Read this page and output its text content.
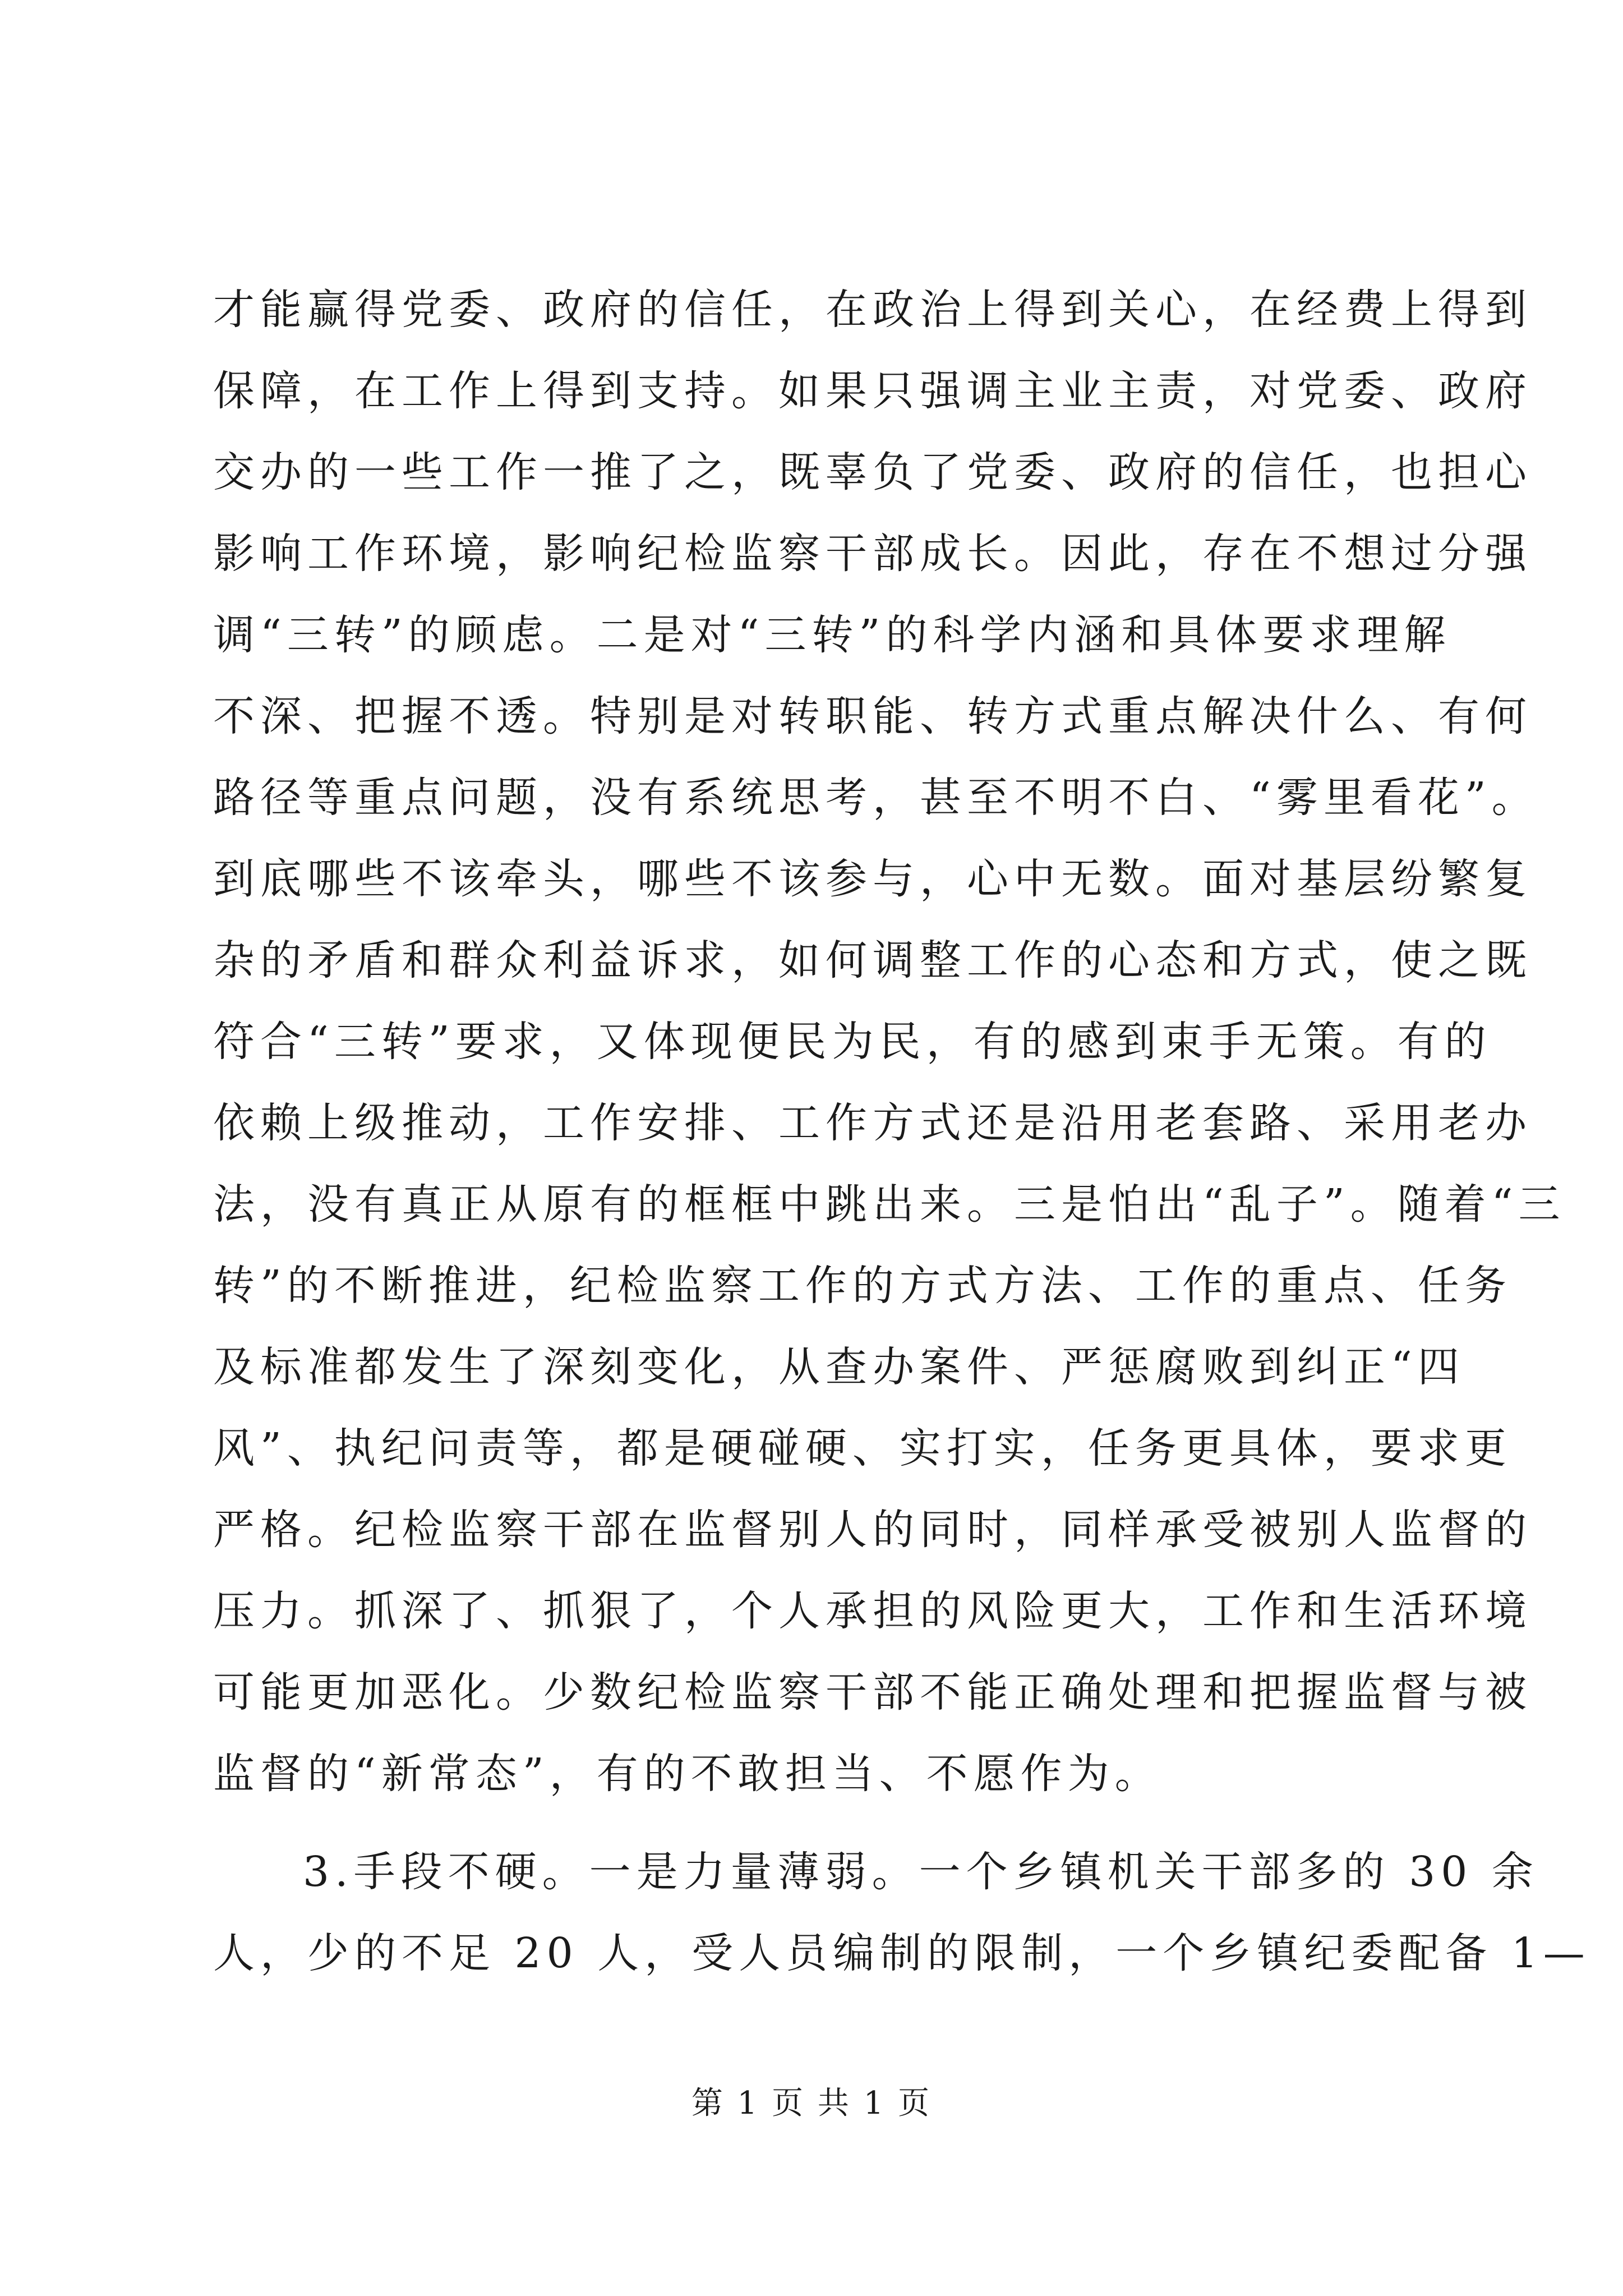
才能赢得党委、政府的信任，在政治上得到关心，在经费上得到
保障，在工作上得到支持。如果只强调主业主责，对党委、政府
交办的一些工作一推了之，既辜负了党委、政府的信任，也担心
影响工作环境，影响纪检监察干部成长。因此，存在不想过分强
调“三转”的顾虑。二是对“三转”的科学内涵和具体要求理解
不深、把握不透。特别是对转职能、转方式重点解决什么、有何
路径等重点问题，没有系统思考，甚至不明不白、“雾里看花”。
到底哪些不该牵头，哪些不该参与，心中无数。面对基层纷繁复
杂的矛盾和群众利益诉求，如何调整工作的心态和方式，使之既
符合“三转”要求，又体现便民为民，有的感到束手无策。有的
依赖上级推动，工作安排、工作方式还是沿用老套路、采用老办
法，没有真正从原有的框框中跳出来。三是怕出“乱子”。随着“三
转”的不断推进，纪检监察工作的方式方法、工作的重点、任务
及标准都发生了深刻变化，从查办案件、严惩腐败到纠正“四
风”、执纪问责等，都是硬碰硬、实打实，任务更具体，要求更
严格。纪检监察干部在监督别人的同时，同样承受被别人监督的
压力。抓深了、抓狠了，个人承担的风险更大，工作和生活环境
可能更加恶化。少数纪检监察干部不能正确处理和把握监督与被
监督的“新常态”，有的不敢担当、不愿作为。
3.手段不硬。一是力量薄弱。一个乡镇机关干部多的 30 余
人，少的不足 20 人，受人员编制的限制，一个乡镇纪委配备 1—
第 1 页 共 1 页
